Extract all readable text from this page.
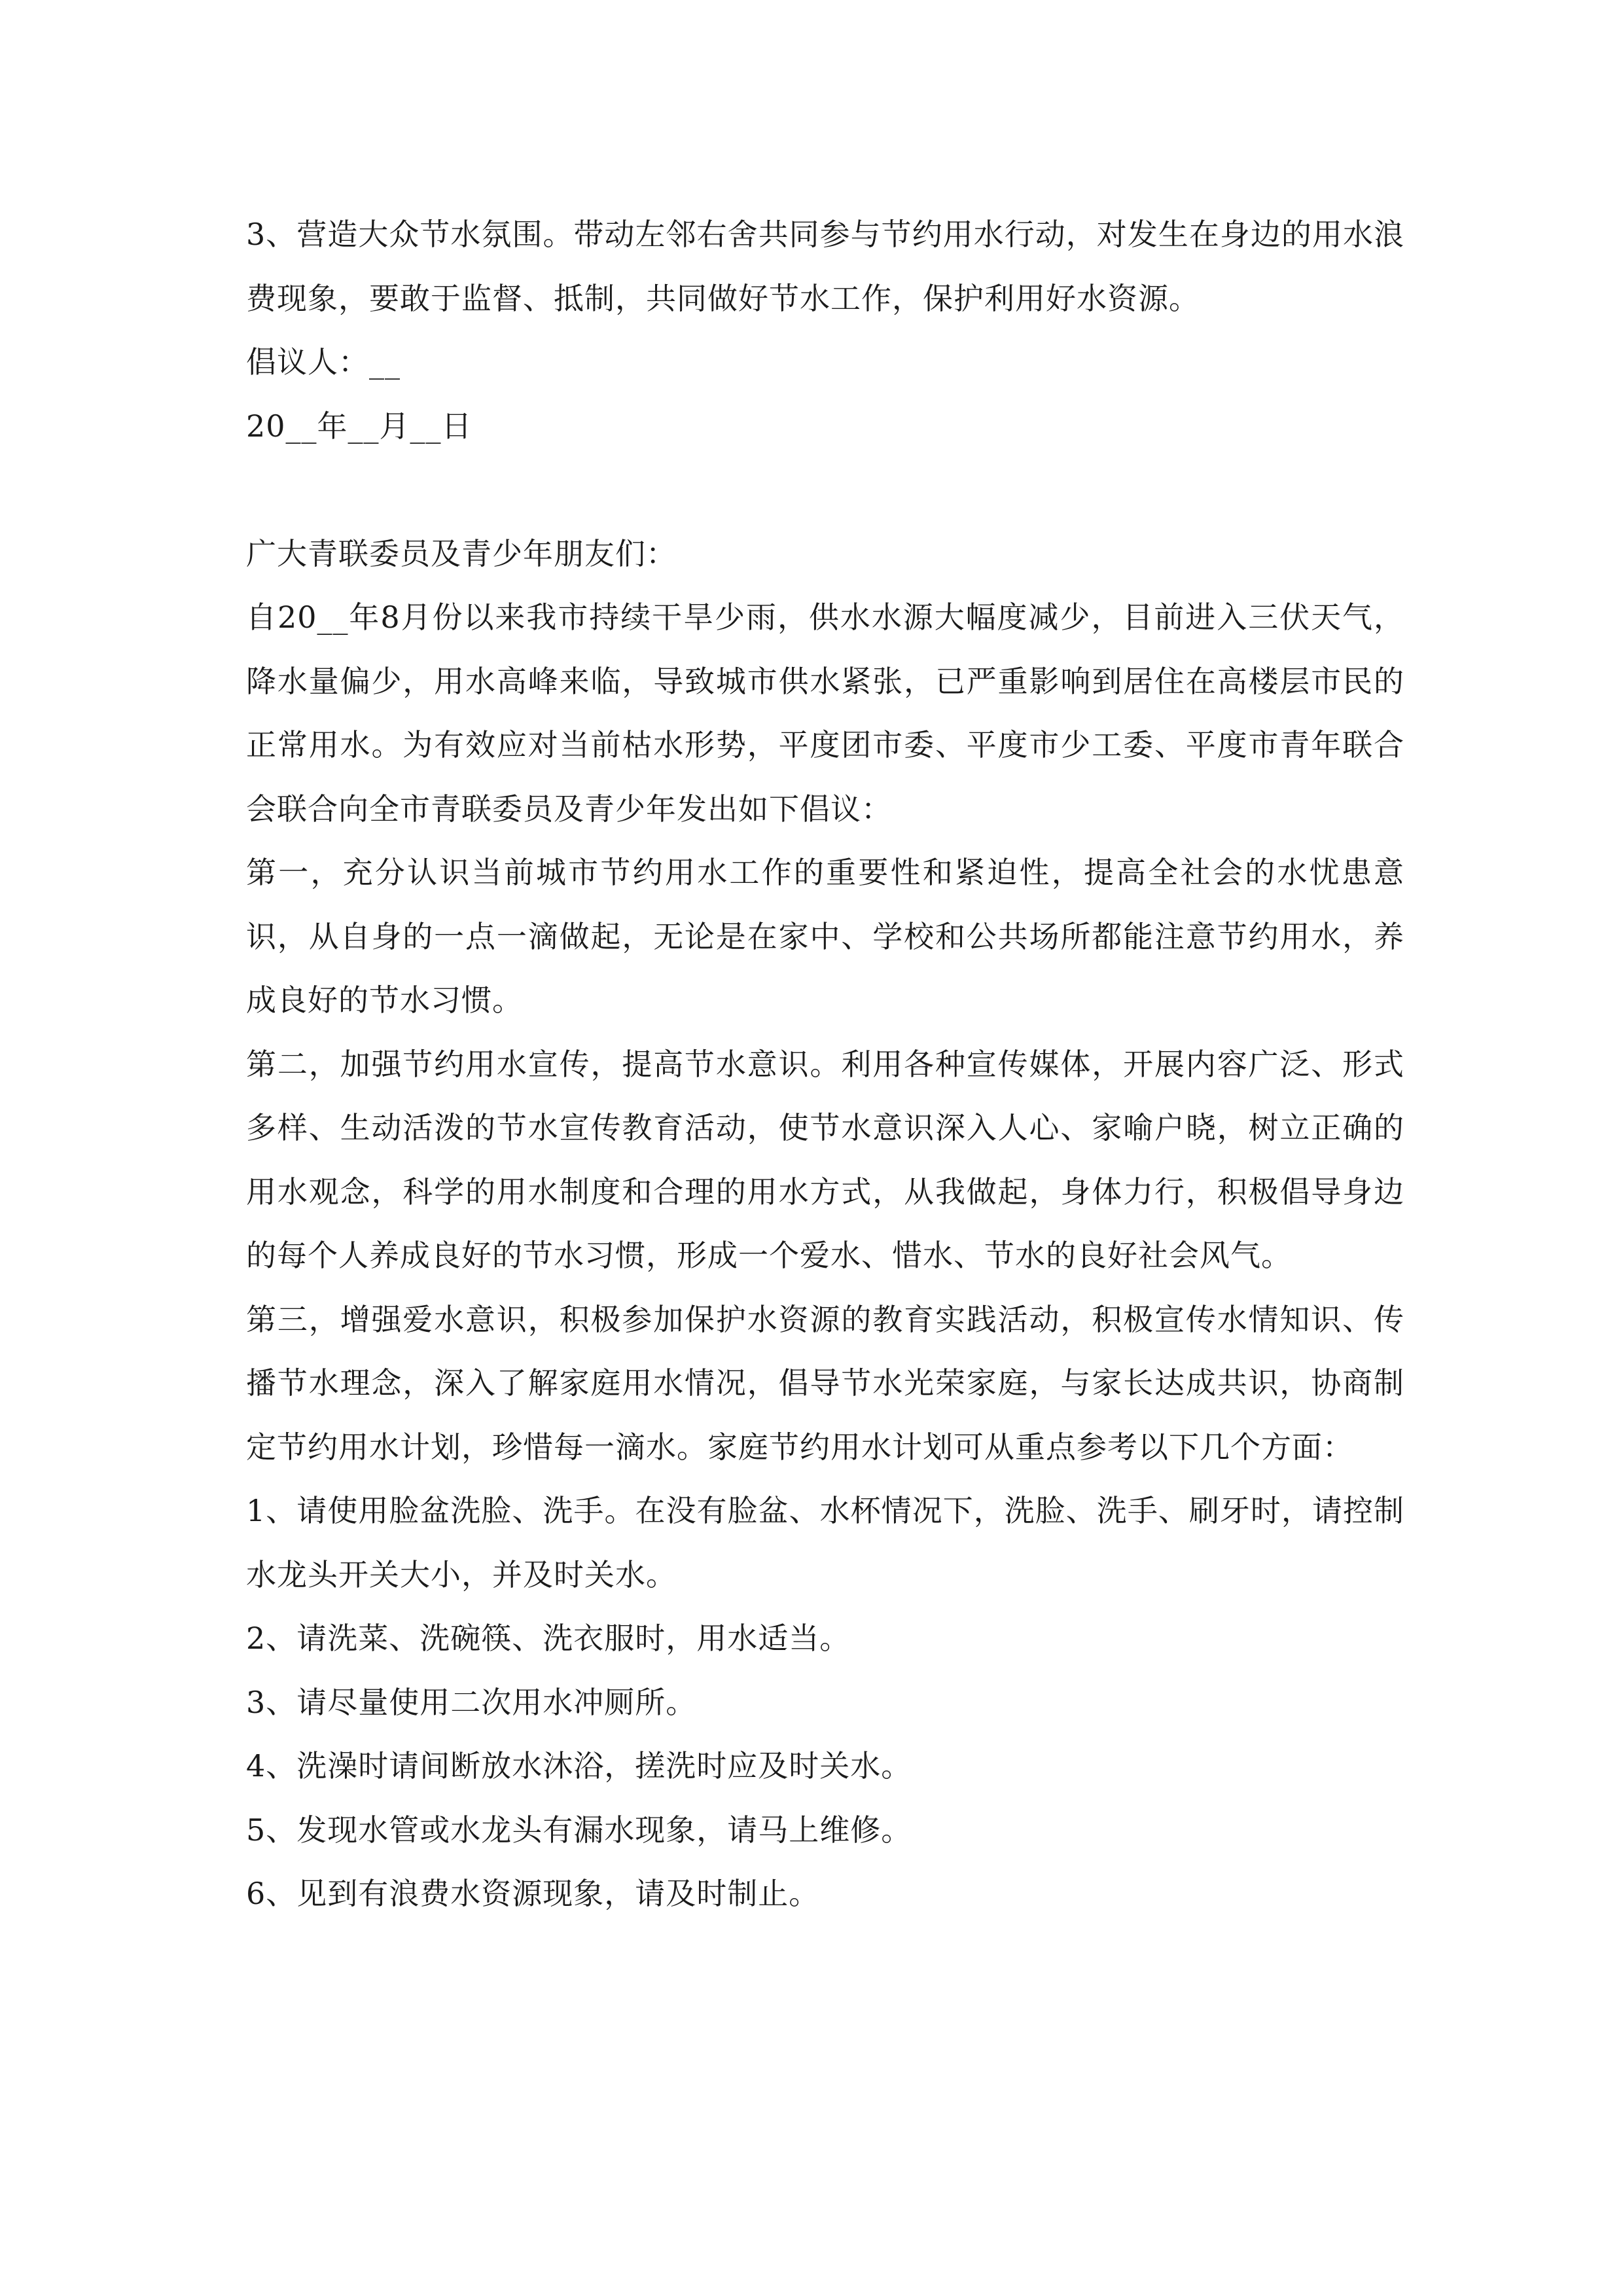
3、营造大众节水氛围。带动左邻右舍共同参与节约用水行动，对发生在身边的用水浪费现象，要敢于监督、抵制，共同做好节水工作，保护利用好水资源。

倡议人：__

20__年__月__日

广大青联委员及青少年朋友们：

自20__年8月份以来我市持续干旱少雨，供水水源大幅度减少，目前进入三伏天气，降水量偏少，用水高峰来临，导致城市供水紧张，已严重影响到居住在高楼层市民的正常用水。为有效应对当前枯水形势，平度团市委、平度市少工委、平度市青年联合会联合向全市青联委员及青少年发出如下倡议：

第一，充分认识当前城市节约用水工作的重要性和紧迫性，提高全社会的水忧患意识，从自身的一点一滴做起，无论是在家中、学校和公共场所都能注意节约用水，养成良好的节水习惯。

第二，加强节约用水宣传，提高节水意识。利用各种宣传媒体，开展内容广泛、形式多样、生动活泼的节水宣传教育活动，使节水意识深入人心、家喻户晓，树立正确的用水观念，科学的用水制度和合理的用水方式，从我做起，身体力行，积极倡导身边的每个人养成良好的节水习惯，形成一个爱水、惜水、节水的良好社会风气。

第三，增强爱水意识，积极参加保护水资源的教育实践活动，积极宣传水情知识、传播节水理念，深入了解家庭用水情况，倡导节水光荣家庭，与家长达成共识，协商制定节约用水计划，珍惜每一滴水。家庭节约用水计划可从重点参考以下几个方面：

1、请使用脸盆洗脸、洗手。在没有脸盆、水杯情况下，洗脸、洗手、刷牙时，请控制水龙头开关大小，并及时关水。

2、请洗菜、洗碗筷、洗衣服时，用水适当。

3、请尽量使用二次用水冲厕所。

4、洗澡时请间断放水沐浴，搓洗时应及时关水。

5、发现水管或水龙头有漏水现象，请马上维修。

6、见到有浪费水资源现象，请及时制止。
